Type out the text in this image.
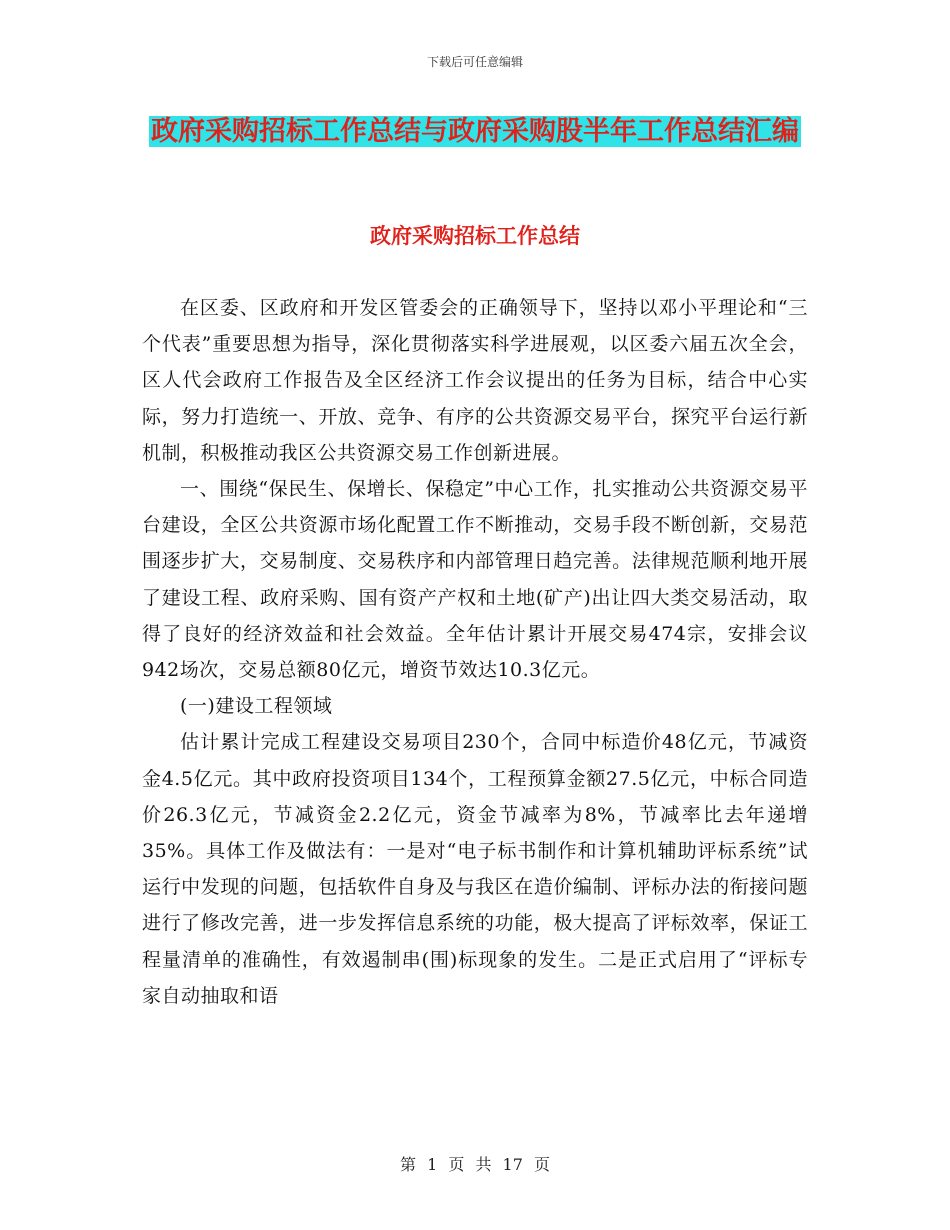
下载后可任意编辑
政府采购招标工作总结与政府采购股半年工作总结汇编
政府采购招标工作总结

在区委、区政府和开发区管委会的正确领导下，坚持以邓小平理论和“三个代表”重要思想为指导，深化贯彻落实科学进展观，以区委六届五次全会，区人代会政府工作报告及全区经济工作会议提出的任务为目标，结合中心实际，努力打造统一、开放、竞争、有序的公共资源交易平台，探究平台运行新机制，积极推动我区公共资源交易工作创新进展。

一、围绕“保民生、保增长、保稳定”中心工作，扎实推动公共资源交易平台建设，全区公共资源市场化配置工作不断推动，交易手段不断创新，交易范围逐步扩大，交易制度、交易秩序和内部管理日趋完善。法律规范顺利地开展了建设工程、政府采购、国有资产产权和土地(矿产)出让四大类交易活动，取得了良好的经济效益和社会效益。全年估计累计开展交易474宗，安排会议942场次，交易总额80亿元，增资节效达10.3亿元。

(一)建设工程领域

估计累计完成工程建设交易项目230个，合同中标造价48亿元，节减资金4.5亿元。其中政府投资项目134个，工程预算金额27.5亿元，中标合同造价26.3亿元，节减资金2.2亿元，资金节减率为8%，节减率比去年递增35%。具体工作及做法有：一是对“电子标书制作和计算机辅助评标系统”试运行中发现的问题，包括软件自身及与我区在造价编制、评标办法的衔接问题进行了修改完善，进一步发挥信息系统的功能，极大提高了评标效率，保证工程量清单的准确性，有效遏制串(围)标现象的发生。二是正式启用了“评标专家自动抽取和语

第 1 页 共 17 页
